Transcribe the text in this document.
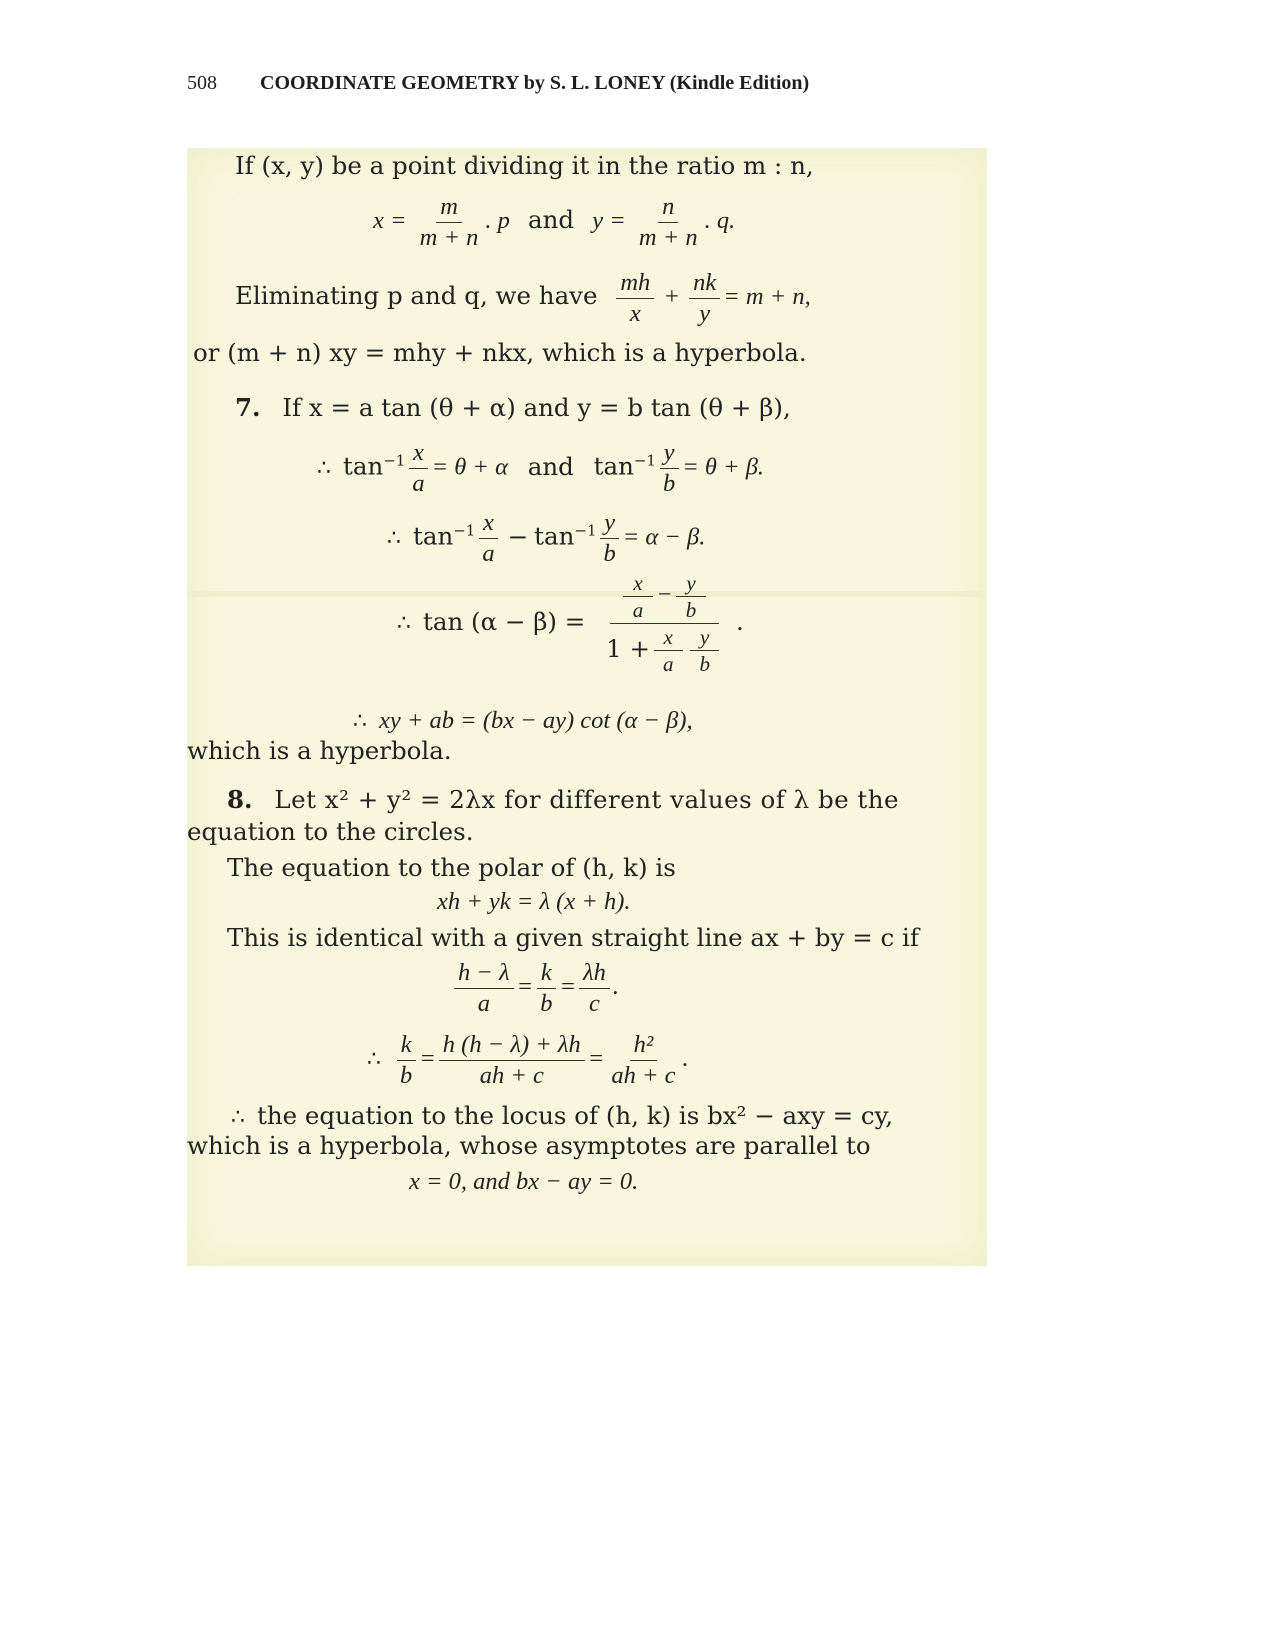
508 COORDINATE GEOMETRY by S. L. LONEY (Kindle Edition)
If (x, y) be a point dividing it in the ratio m : n,
$x = \frac{m}{m + n}$ . p and $y = \frac{n}{m + n}$ . q.
Eliminating p and q, we have $\frac{mh}{x} + \frac{nk}{y} = m + n$,
or (m + n) xy = mhy + nkx, which is a hyperbola.
7. If x = a tan (θ + α) and y = b tan (θ + β),
∴ $\tan^{-1} \frac{x}{a} = \theta + \alpha$ and $\tan^{-1} \frac{y}{b} = \theta + \beta$.
∴ $\tan^{-1} \frac{x}{a} - \tan^{-1} \frac{y}{b} = \alpha - \beta$.
∴ $\tan (\alpha - \beta) = \frac{\frac{x}{a} - \frac{y}{b}}{1 + \frac{x}{a} \frac{y}{b}}$ .
∴ xy + ab = (bx − ay) cot (α − β),
which is a hyperbola.
8. Let x² + y² = 2λx for different values of λ be the
equation to the circles.
The equation to the polar of (h, k) is
xh + yk = λ (x + h).
This is identical with a given straight line ax + by = c if
$\frac{h - \lambda}{a} = \frac{k}{b} = \frac{\lambda h}{c}$ .
∴ $\frac{k}{b} = \frac{h (h - \lambda) + \lambda h}{ah + c} = \frac{\text{h²}}{ah + c}$ .
∴ the equation to the locus of (h, k) is bx² − axy = cy,
which is a hyperbola, whose asymptotes are parallel to
x = 0, and bx − ay = 0.
